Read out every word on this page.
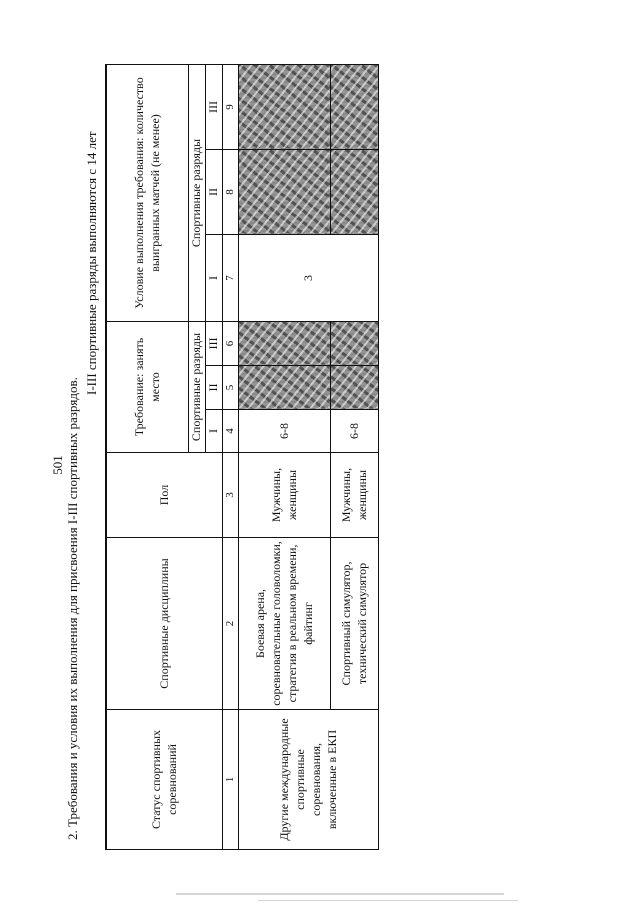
501 2. Требования и условия их выполнения для присвоения I-III спортивных разрядов.
I-III спортивные разряды выполняются с 14 лет
Статус спортивных соревнований	Спортивные дисциплины	Пол	Требование: занять место			Условие выполнения требования: количество выигранных матчей (не менее)		
			Спортивные разряды			Спортивные разряды		
			I	II	III	I	II	III
1	2	3	4	5	6	7	8	9
Другие международные спортивные соревнования, включенные в ЕКП	Боевая арена, соревновательные головоломки, стратегия в реальном времени, файтинг	Мужчины, женщины	6-8			3		
	Спортивный симулятор, технический симулятор	Мужчины, женщины	6-8					
